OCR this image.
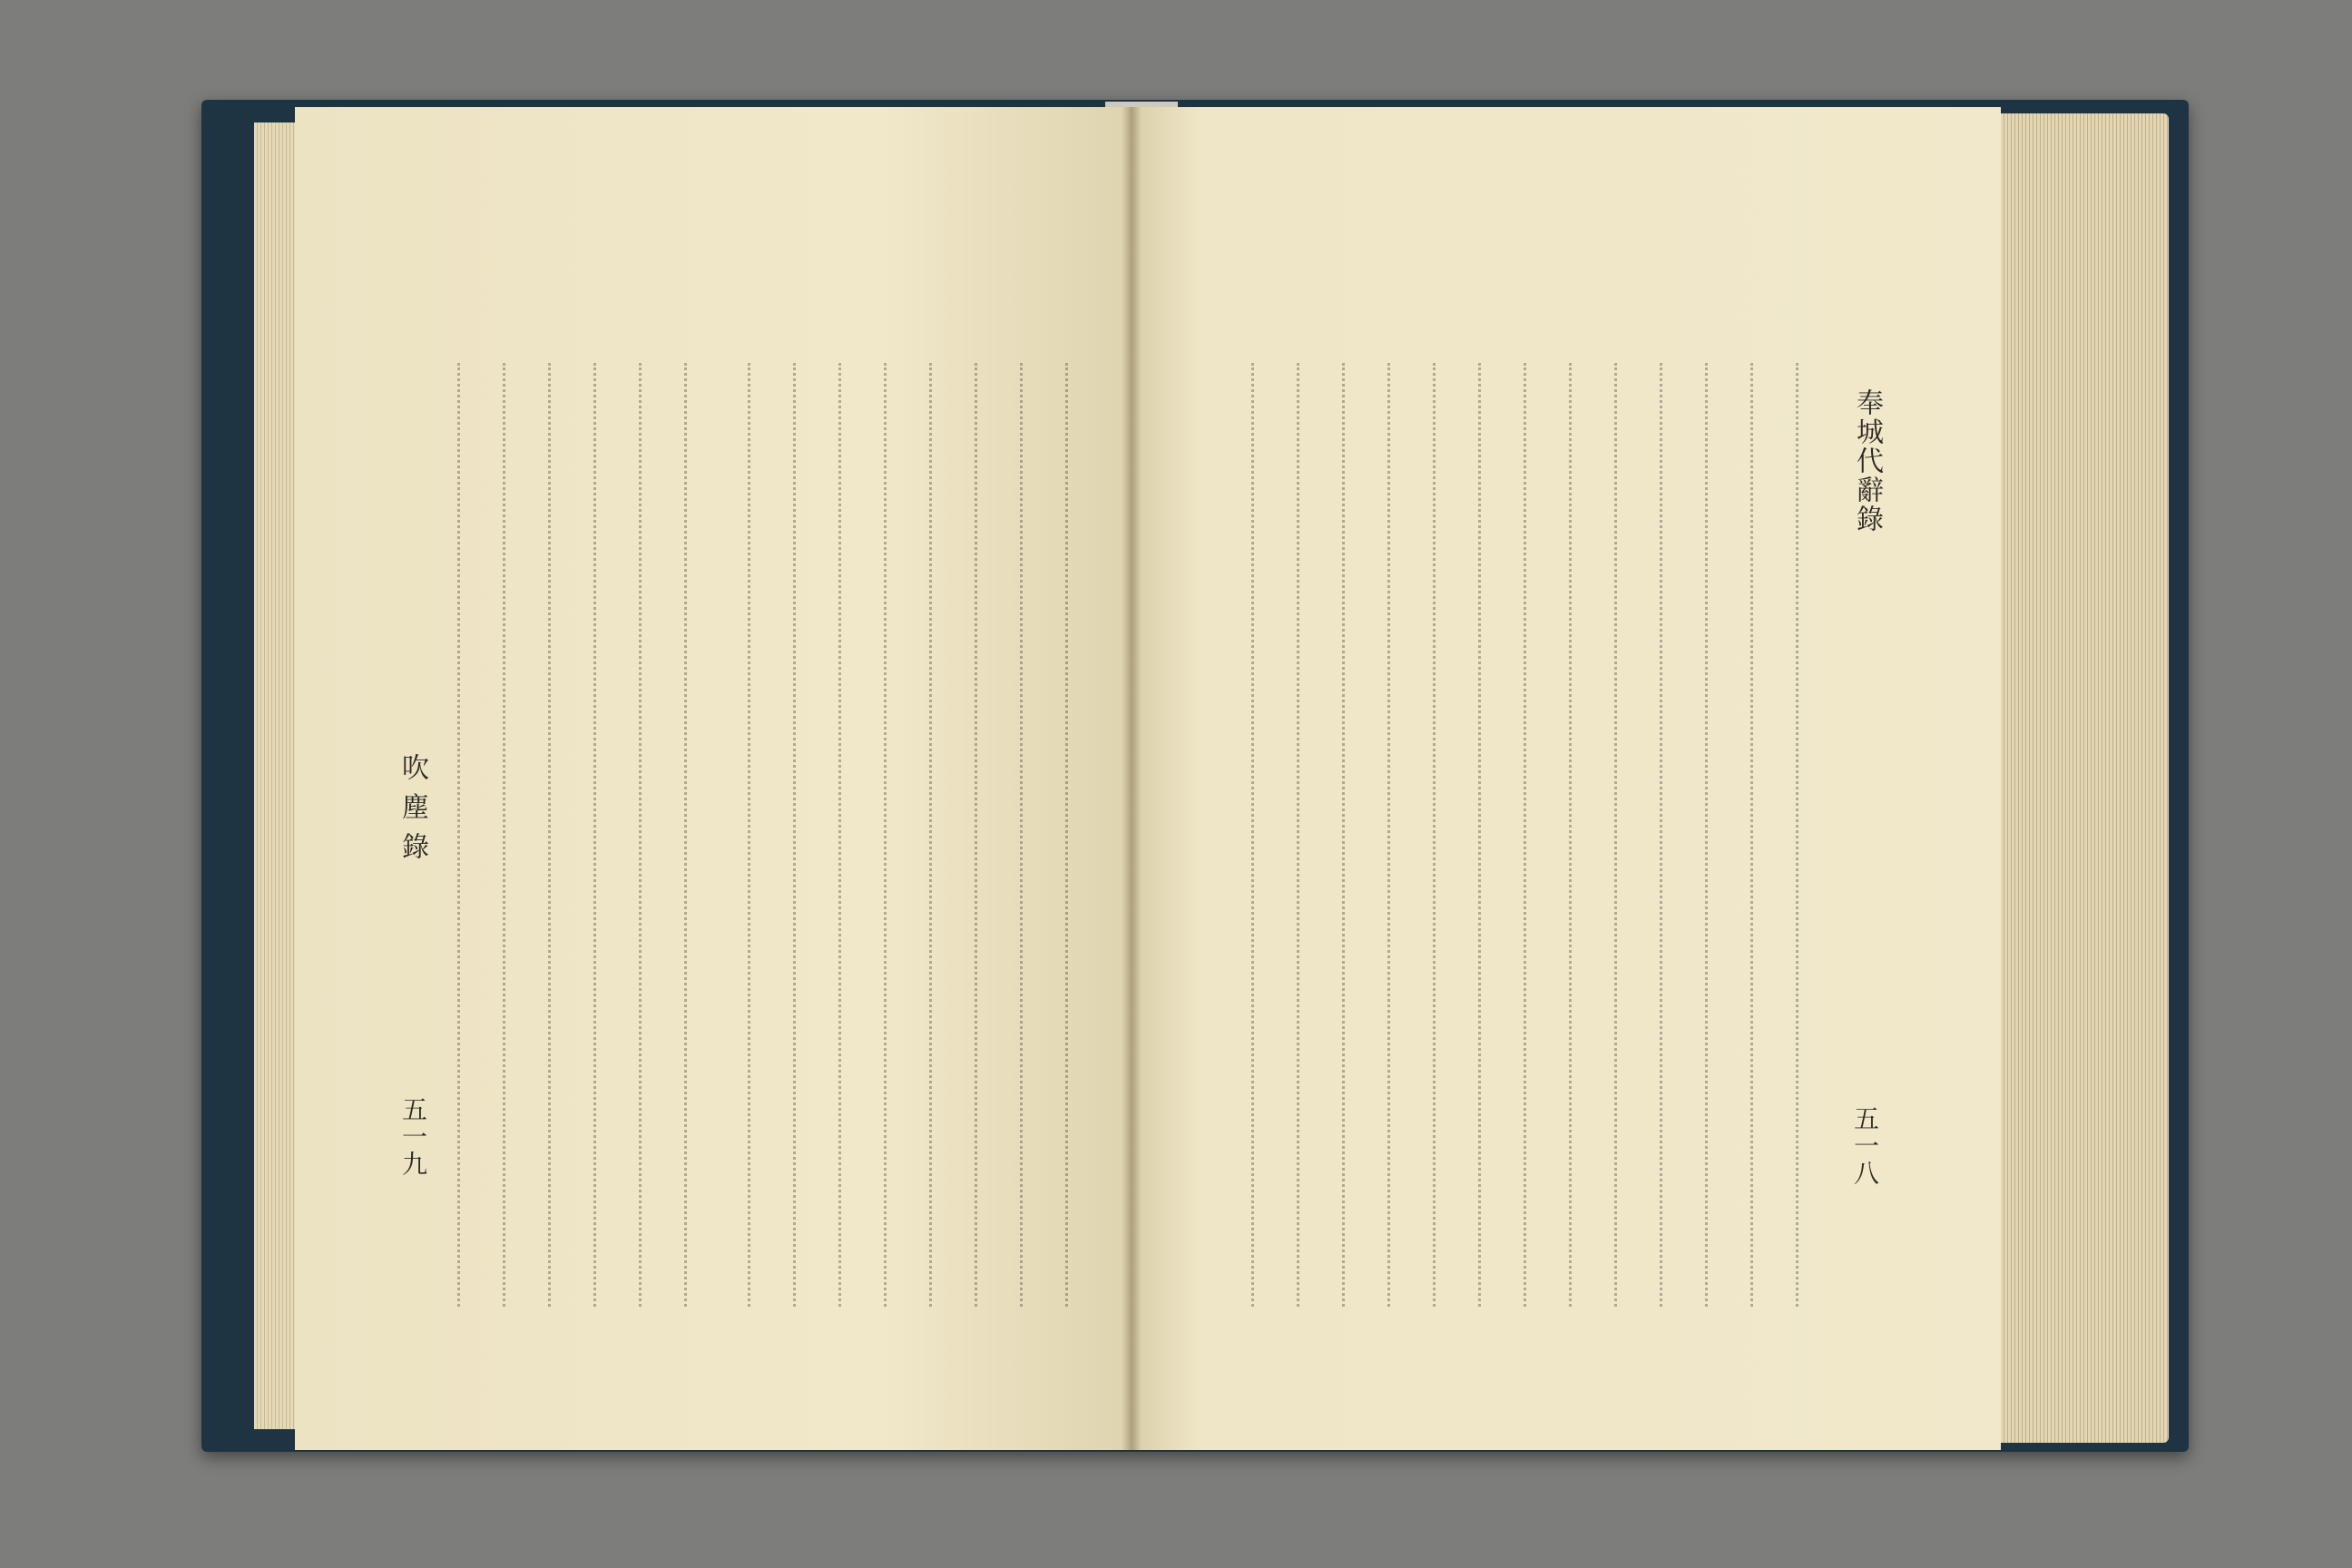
吹 塵 錄
五一九
奉城代辭錄
五一八
